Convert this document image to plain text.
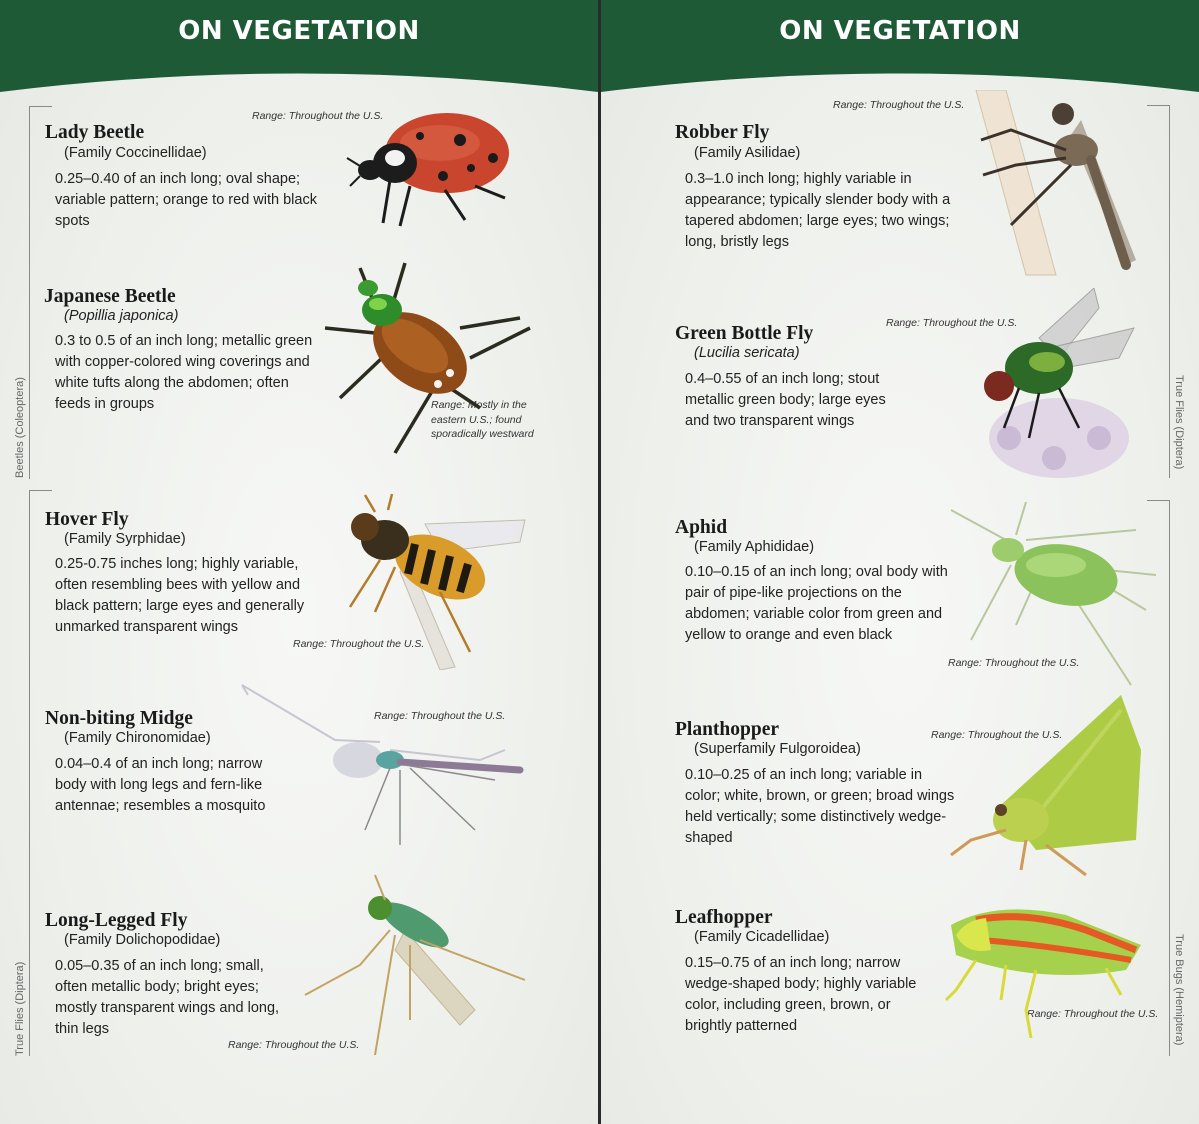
ON VEGETATION
Beetles (Coleoptera)
True Flies (Diptera)
Lady Beetle
(Family Coccinellidae)
0.25–0.40 of an inch long; oval shape; variable pattern; orange to red with black spots
Range: Throughout the U.S.
Japanese Beetle
(Popillia japonica)
0.3 to 0.5 of an inch long; metallic green with copper-colored wing coverings and white tufts along the abdomen; often feeds in groups	Range: Mostly in the eastern U.S.; found sporadically westward
Hover Fly
(Family Syrphidae)
0.25-0.75 inches long; highly variable, often resembling bees with yellow and black pattern; large eyes and generally unmarked transparent wings
Range: Throughout the U.S.
Non-biting Midge
(Family Chironomidae)
0.04–0.4 of an inch long; narrow body with long legs and fern-like antennae; resembles a mosquito
Range: Throughout the U.S.
Long-Legged Fly
(Family Dolichopodidae)
0.05–0.35 of an inch long; small, often metallic body; bright eyes; mostly transparent wings and long, thin legs
Range: Throughout the U.S.
ON VEGETATION
True Flies (Diptera)
True Bugs (Hemiptera)
Robber Fly
(Family Asilidae)
0.3–1.0 inch long; highly variable in appearance; typically slender body with a tapered abdomen; large eyes; two wings; long, bristly legs
Range: Throughout the U.S.
Green Bottle Fly
(Lucilia sericata)
0.4–0.55 of an inch long; stout metallic green body; large eyes and two transparent wings
Range: Throughout the U.S.
Aphid
(Family Aphididae)
0.10–0.15 of an inch long; oval body with pair of pipe-like projections on the abdomen; variable color from green and yellow to orange and even black
Range: Throughout the U.S.
Planthopper
(Superfamily Fulgoroidea)
0.10–0.25 of an inch long; variable in color; white, brown, or green; broad wings held vertically; some distinctively wedge-shaped
Range: Throughout the U.S.
Leafhopper
(Family Cicadellidae)
0.15–0.75 of an inch long; narrow wedge-shaped body; highly variable color, including green, brown, or brightly patterned
Range: Throughout the U.S.
